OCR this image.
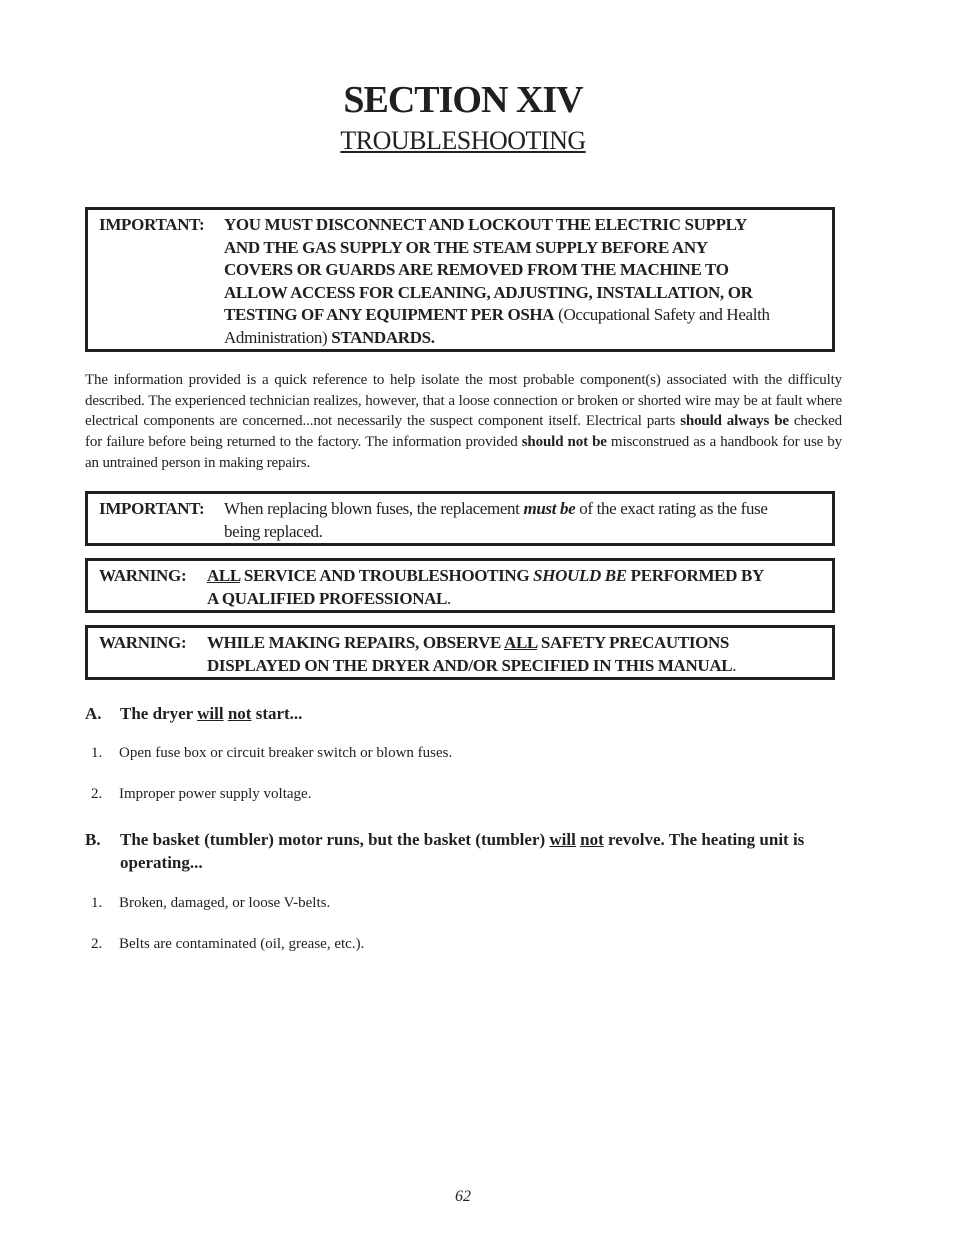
SECTION XIV
TROUBLESHOOTING
IMPORTANT: YOU MUST DISCONNECT AND LOCKOUT THE ELECTRIC SUPPLY
AND THE GAS SUPPLY OR THE STEAM SUPPLY BEFORE ANY
COVERS OR GUARDS ARE REMOVED FROM THE MACHINE TO
ALLOW ACCESS FOR CLEANING, ADJUSTING, INSTALLATION, OR
TESTING OF ANY EQUIPMENT PER OSHA (Occupational Safety and Health
Administration) STANDARDS.
The information provided is a quick reference to help isolate the most probable component(s) associated with the difficulty described. The experienced technician realizes, however, that a loose connection or broken or shorted wire may be at fault where electrical components are concerned...not necessarily the suspect component itself. Electrical parts should always be checked for failure before being returned to the factory. The information provided should not be misconstrued as a handbook for use by an untrained person in making repairs.
IMPORTANT: When replacing blown fuses, the replacement must be of the exact rating as the fuse
being replaced.
WARNING: ALL SERVICE AND TROUBLESHOOTING SHOULD BE PERFORMED BY
A QUALIFIED PROFESSIONAL.
WARNING: WHILE MAKING REPAIRS, OBSERVE ALL SAFETY PRECAUTIONS
DISPLAYED ON THE DRYER AND/OR SPECIFIED IN THIS MANUAL.
A. The dryer will not start...
1. Open fuse box or circuit breaker switch or blown fuses.
2. Improper power supply voltage.
B. The basket (tumbler) motor runs, but the basket (tumbler) will not revolve. The heating unit is operating...
1. Broken, damaged, or loose V-belts.
2. Belts are contaminated (oil, grease, etc.).
62
